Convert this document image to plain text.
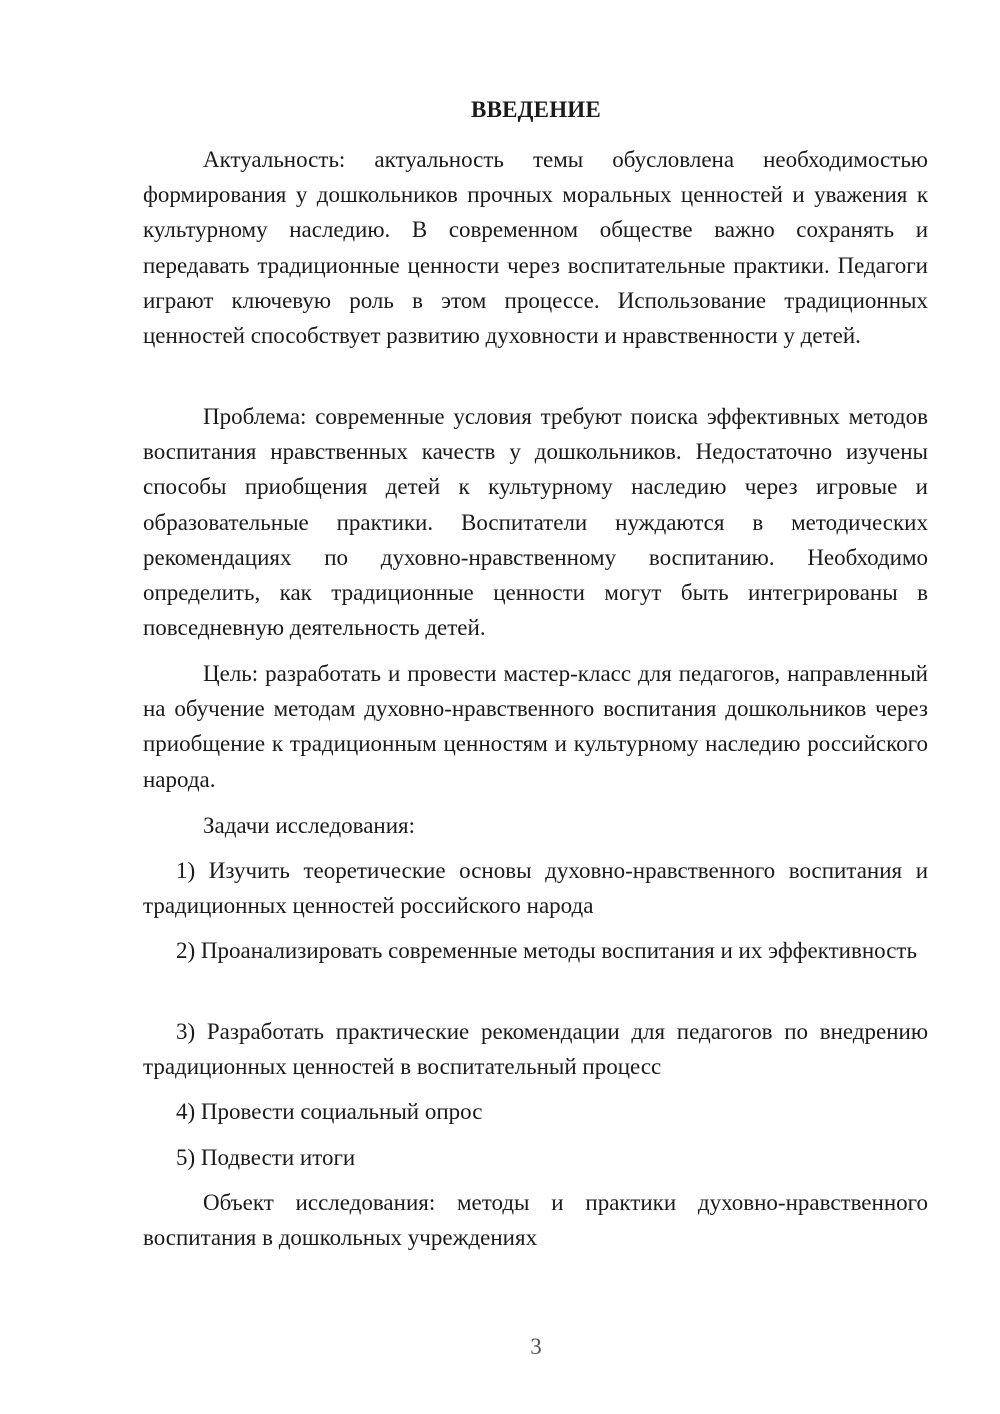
ВВЕДЕНИЕ

Актуальность: актуальность темы обусловлена необходимостью формирования у дошкольников прочных моральных ценностей и уважения к культурному наследию. В современном обществе важно сохранять и передавать традиционные ценности через воспитательные практики. Педагоги играют ключевую роль в этом процессе. Использование традиционных ценностей способствует развитию духовности и нравственности у детей.

Проблема: современные условия требуют поиска эффективных методов воспитания нравственных качеств у дошкольников. Недостаточно изучены способы приобщения детей к культурному наследию через игровые и образовательные практики. Воспитатели нуждаются в методических рекомендациях по духовно-нравственному воспитанию. Необходимо определить, как традиционные ценности могут быть интегрированы в повседневную деятельность детей.

Цель: разработать и провести мастер-класс для педагогов, направленный на обучение методам духовно-нравственного воспитания дошкольников через приобщение к традиционным ценностям и культурному наследию российского народа.

Задачи исследования:

1) Изучить теоретические основы духовно-нравственного воспитания и традиционных ценностей российского народа

2) Проанализировать современные методы воспитания и их эффективность

3) Разработать практические рекомендации для педагогов по внедрению традиционных ценностей в воспитательный процесс

4) Провести социальный опрос

5) Подвести итоги

Объект исследования: методы и практики духовно-нравственного воспитания в дошкольных учреждениях

3
